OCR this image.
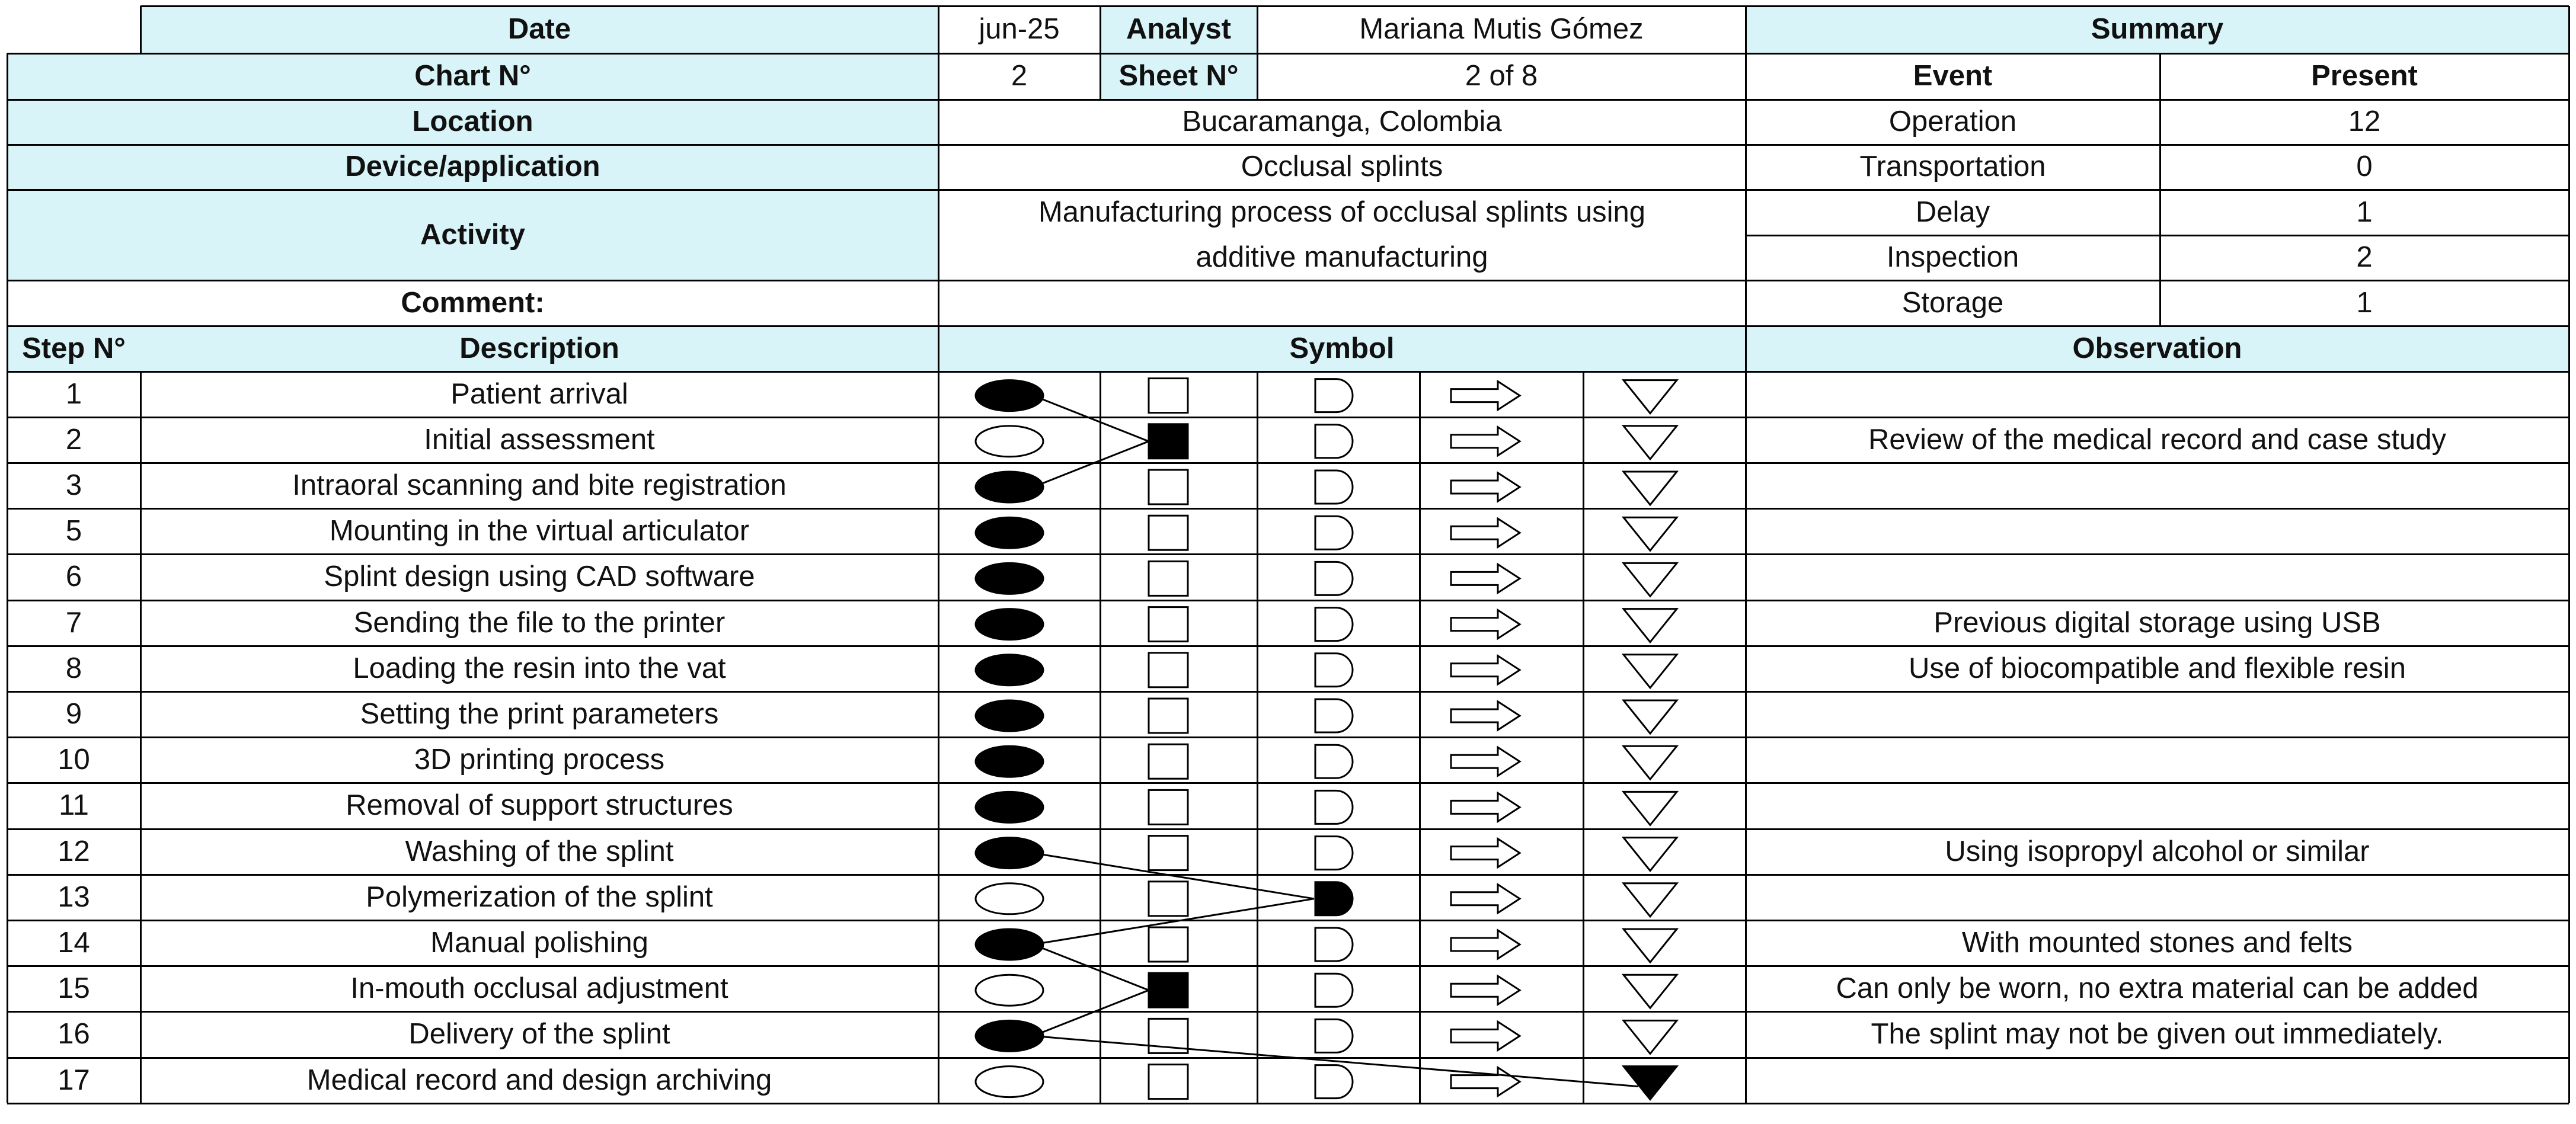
Date	jun-25	Analyst	Mariana Mutis Gómez
Chart N°	2	Sheet N°	2 of 8
Location	Bucaramanga, Colombia
Device/application	Occlusal splints
Activity
Manufacturing process of occlusal splints using
additive manufacturing
Comment:
Summary
Event	Present
Operation	12
Transportation	0
Delay	1
Inspection	2
Storage	1
Step N°	Description	Symbol	Observation
1	Patient arrival
2	Initial assessment	Review of the medical record and case study
3	Intraoral scanning and bite registration
5	Mounting in the virtual articulator
6	Splint design using CAD software
7	Sending the file to the printer	Previous digital storage using USB
8	Loading the resin into the vat	Use of biocompatible and flexible resin
9	Setting the print parameters
10	3D printing process
11	Removal of support structures
12	Washing of the splint	Using isopropyl alcohol or similar
13	Polymerization of the splint
14	Manual polishing	With mounted stones and felts
15	In-mouth occlusal adjustment	Can only be worn, no extra material can be added
16	Delivery of the splint	The splint may not be given out immediately.
17	Medical record and design archiving
